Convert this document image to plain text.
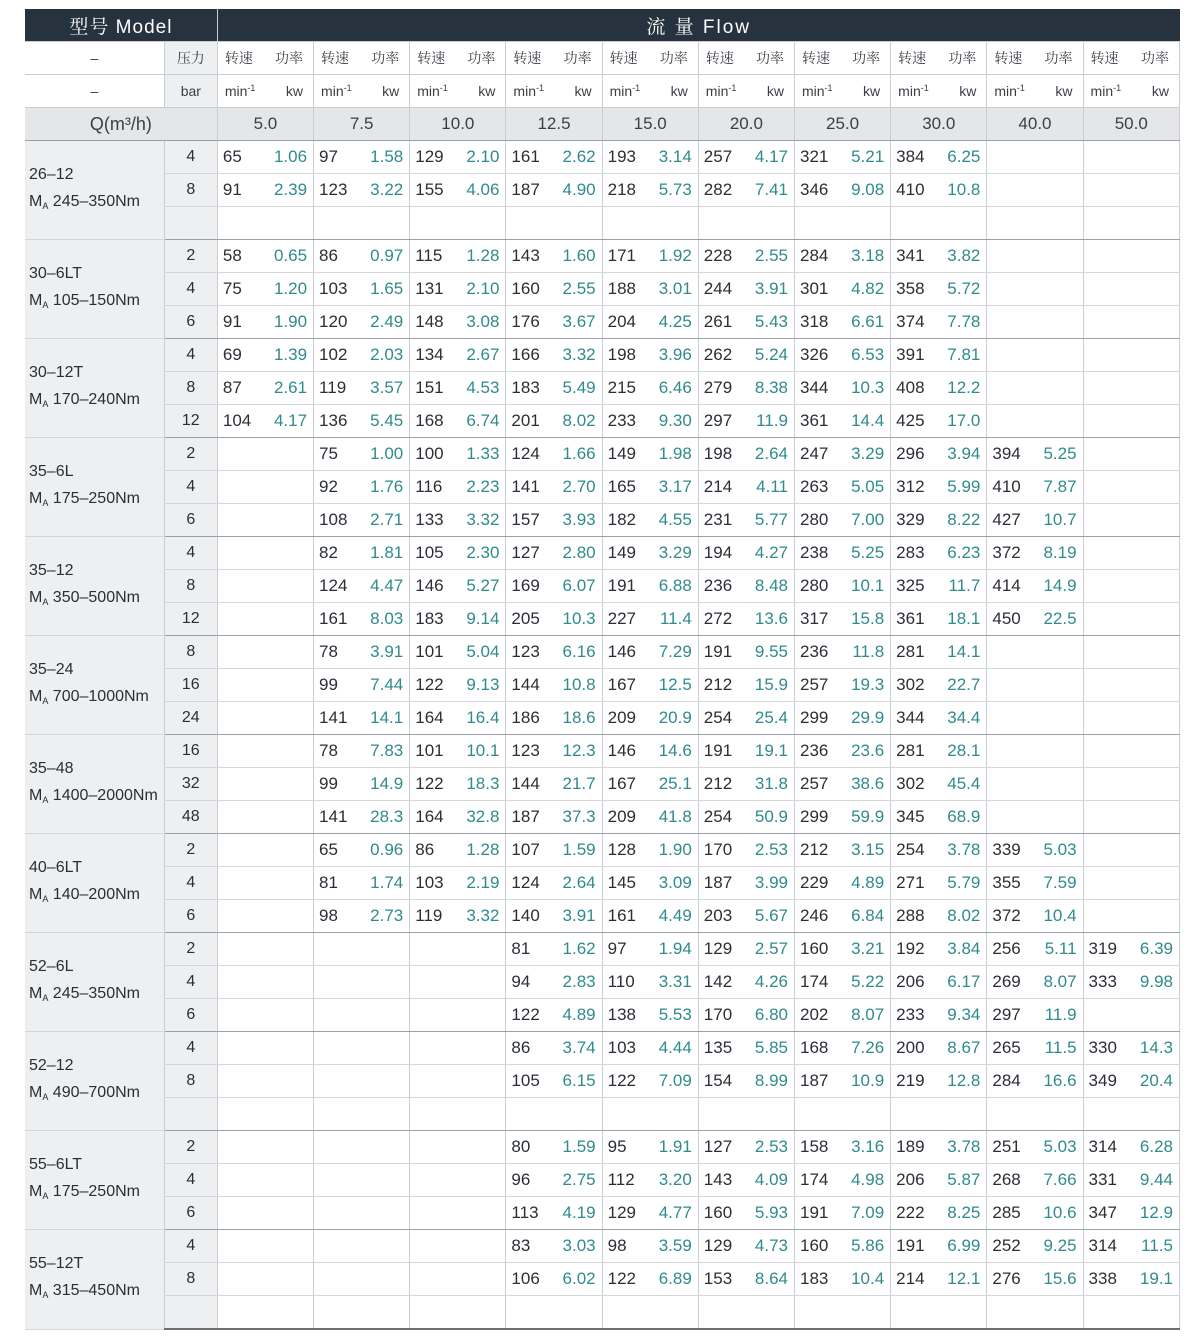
型号 Model		流 量 Flow																			
–	压力	转速	功率	转速	功率	转速	功率	转速	功率	转速	功率	转速	功率	转速	功率	转速	功率	转速	功率	转速	功率
–	bar	$\min^{-1}$	kw	$\min^{-1}$	kw	$\min^{-1}$	kw	$\min^{-1}$	kw	$\min^{-1}$	kw	$\min^{-1}$	kw	$\min^{-1}$	kw	$\min^{-1}$	kw	$\min^{-1}$	kw	$\min^{-1}$	kw
Q(m³/h)		5.0		7.5		10.0		12.5		15.0		20.0		25.0		30.0		40.0		50.0	

26–12
$M_A$ 245–350Nm	4	65	1.06	97	1.58	129	2.10	161	2.62	193	3.14	257	4.17	321	5.21	384	6.25				
	8	91	2.39	123	3.22	155	4.06	187	4.90	218	5.73	282	7.41	346	9.08	410	10.8				

30–6LT
$M_A$ 105–150Nm	2	58	0.65	86	0.97	115	1.28	143	1.60	171	1.92	228	2.55	284	3.18	341	3.82				
	4	75	1.20	103	1.65	131	2.10	160	2.55	188	3.01	244	3.91	301	4.82	358	5.72				
	6	91	1.90	120	2.49	148	3.08	176	3.67	204	4.25	261	5.43	318	6.61	374	7.78				

30–12T
$M_A$ 170–240Nm	4	69	1.39	102	2.03	134	2.67	166	3.32	198	3.96	262	5.24	326	6.53	391	7.81				
	8	87	2.61	119	3.57	151	4.53	183	5.49	215	6.46	279	8.38	344	10.3	408	12.2				
	12	104	4.17	136	5.45	168	6.74	201	8.02	233	9.30	297	11.9	361	14.4	425	17.0				

35–6L
$M_A$ 175–250Nm	2			75	1.00	100	1.33	124	1.66	149	1.98	198	2.64	247	3.29	296	3.94	394	5.25		
	4			92	1.76	116	2.23	141	2.70	165	3.17	214	4.11	263	5.05	312	5.99	410	7.87		
	6			108	2.71	133	3.32	157	3.93	182	4.55	231	5.77	280	7.00	329	8.22	427	10.7		

35–12
$M_A$ 350–500Nm	4			82	1.81	105	2.30	127	2.80	149	3.29	194	4.27	238	5.25	283	6.23	372	8.19		
	8			124	4.47	146	5.27	169	6.07	191	6.88	236	8.48	280	10.1	325	11.7	414	14.9		
	12			161	8.03	183	9.14	205	10.3	227	11.4	272	13.6	317	15.8	361	18.1	450	22.5		

35–24
$M_A$ 700–1000Nm	8			78	3.91	101	5.04	123	6.16	146	7.29	191	9.55	236	11.8	281	14.1				
	16			99	7.44	122	9.13	144	10.8	167	12.5	212	15.9	257	19.3	302	22.7				
	24			141	14.1	164	16.4	186	18.6	209	20.9	254	25.4	299	29.9	344	34.4				

35–48
$M_A$ 1400–2000Nm	16			78	7.83	101	10.1	123	12.3	146	14.6	191	19.1	236	23.6	281	28.1				
	32			99	14.9	122	18.3	144	21.7	167	25.1	212	31.8	257	38.6	302	45.4				
	48			141	28.3	164	32.8	187	37.3	209	41.8	254	50.9	299	59.9	345	68.9				

40–6LT
$M_A$ 140–200Nm	2			65	0.96	86	1.28	107	1.59	128	1.90	170	2.53	212	3.15	254	3.78	339	5.03		
	4			81	1.74	103	2.19	124	2.64	145	3.09	187	3.99	229	4.89	271	5.79	355	7.59		
	6			98	2.73	119	3.32	140	3.91	161	4.49	203	5.67	246	6.84	288	8.02	372	10.4		

52–6L
$M_A$ 245–350Nm	2							81	1.62	97	1.94	129	2.57	160	3.21	192	3.84	256	5.11	319	6.39
	4							94	2.83	110	3.31	142	4.26	174	5.22	206	6.17	269	8.07	333	9.98
	6							122	4.89	138	5.53	170	6.80	202	8.07	233	9.34	297	11.9		

52–12
$M_A$ 490–700Nm	4							86	3.74	103	4.44	135	5.85	168	7.26	200	8.67	265	11.5	330	14.3
	8							105	6.15	122	7.09	154	8.99	187	10.9	219	12.8	284	16.6	349	20.4

55–6LT
$M_A$ 175–250Nm	2							80	1.59	95	1.91	127	2.53	158	3.16	189	3.78	251	5.03	314	6.28
	4							96	2.75	112	3.20	143	4.09	174	4.98	206	5.87	268	7.66	331	9.44
	6							113	4.19	129	4.77	160	5.93	191	7.09	222	8.25	285	10.6	347	12.9

55–12T
$M_A$ 315–450Nm	4							83	3.03	98	3.59	129	4.73	160	5.86	191	6.99	252	9.25	314	11.5
	8							106	6.02	122	6.89	153	8.64	183	10.4	214	12.1	276	15.6	338	19.1
